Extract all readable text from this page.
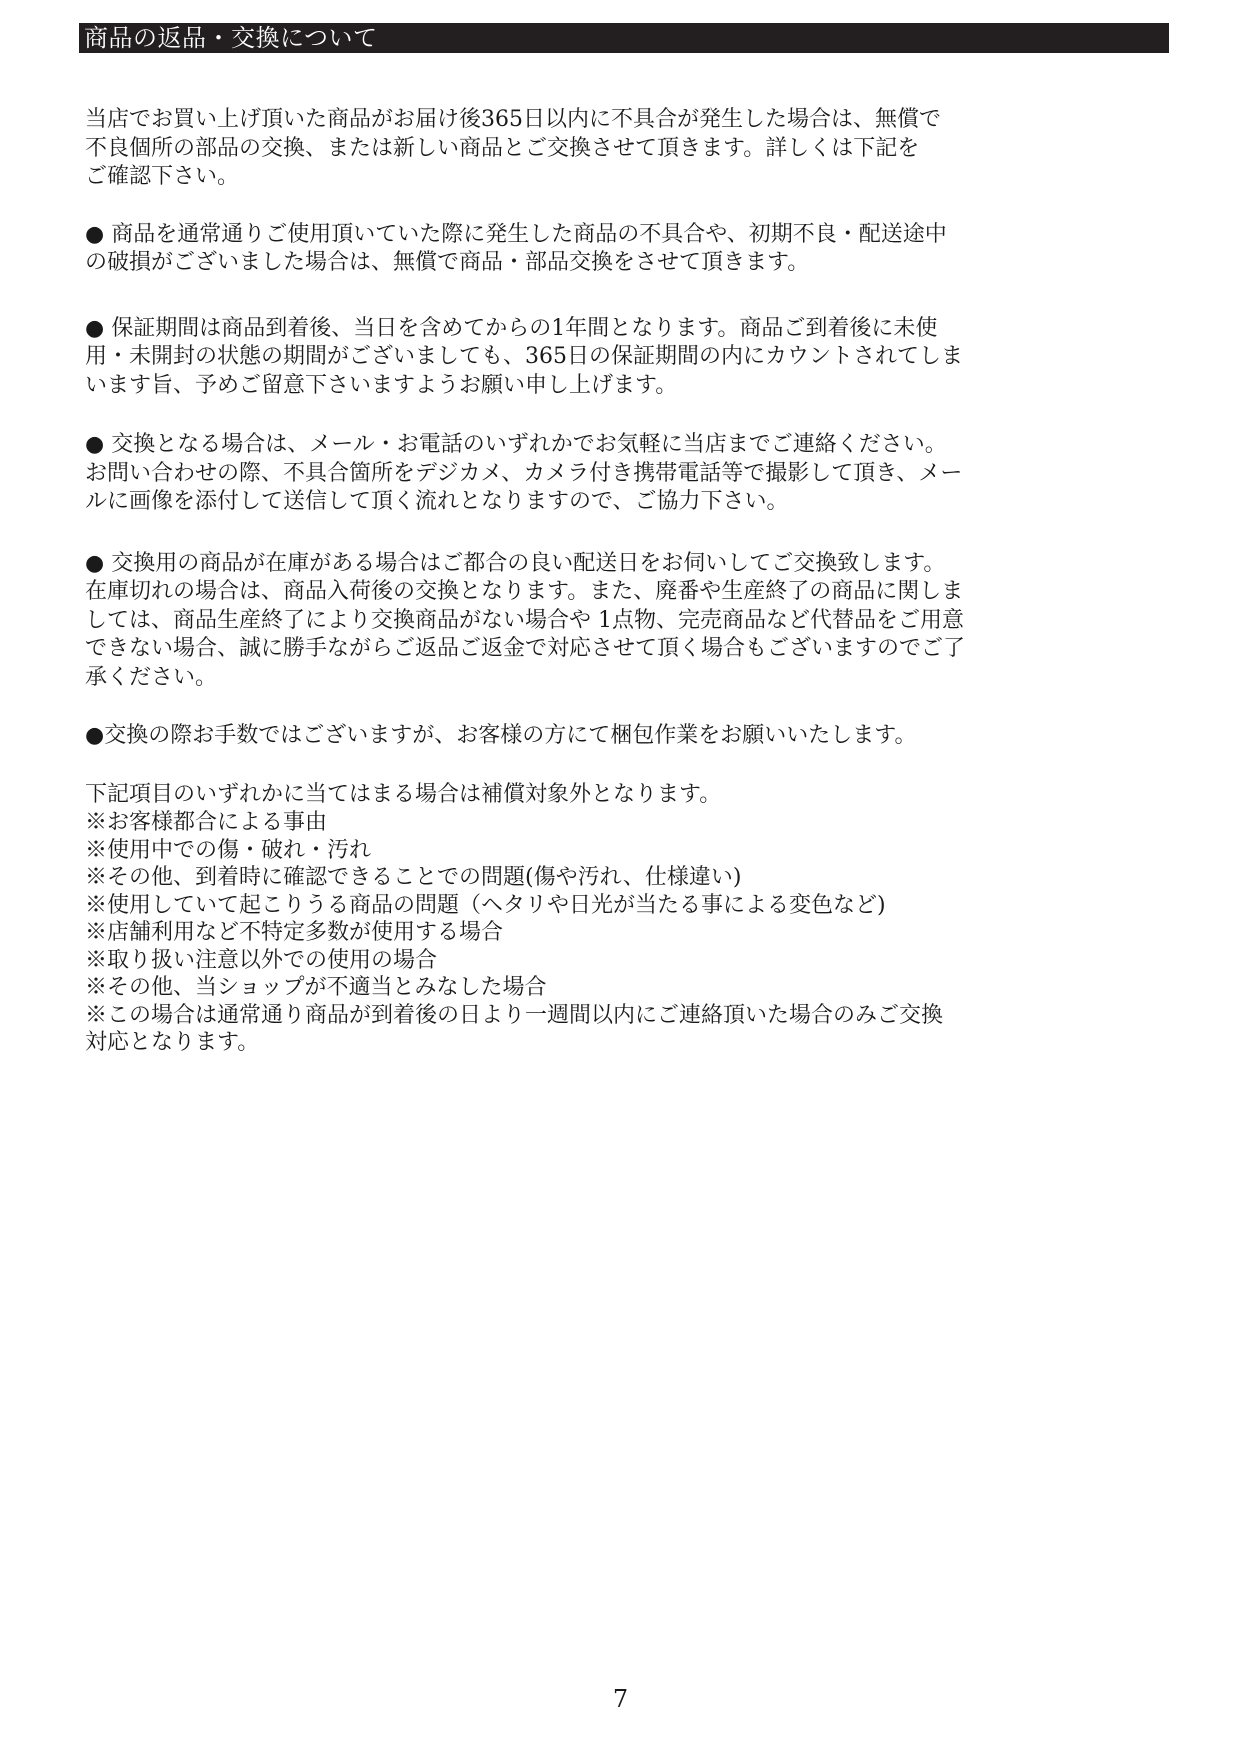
商品の返品・交換について

当店でお買い上げ頂いた商品がお届け後365日以内に不具合が発生した場合は、無償で
不良個所の部品の交換、または新しい商品とご交換させて頂きます。詳しくは下記を
ご確認下さい。

● 商品を通常通りご使用頂いていた際に発生した商品の不具合や、初期不良・配送途中
の破損がございました場合は、無償で商品・部品交換をさせて頂きます。

● 保証期間は商品到着後、当日を含めてからの1年間となります。商品ご到着後に未使
用・未開封の状態の期間がございましても、365日の保証期間の内にカウントされてしま
います旨、予めご留意下さいますようお願い申し上げます。

● 交換となる場合は、メール・お電話のいずれかでお気軽に当店までご連絡ください。
お問い合わせの際、不具合箇所をデジカメ、カメラ付き携帯電話等で撮影して頂き、メー
ルに画像を添付して送信して頂く流れとなりますので、ご協力下さい。

● 交換用の商品が在庫がある場合はご都合の良い配送日をお伺いしてご交換致します。
在庫切れの場合は、商品入荷後の交換となります。また、廃番や生産終了の商品に関しま
しては、商品生産終了により交換商品がない場合や 1点物、完売商品など代替品をご用意
できない場合、誠に勝手ながらご返品ご返金で対応させて頂く場合もございますのでご了
承ください。

●交換の際お手数ではございますが、お客様の方にて梱包作業をお願いいたします。

下記項目のいずれかに当てはまる場合は補償対象外となります。

※お客様都合による事由
※使用中での傷・破れ・汚れ
※その他、到着時に確認できることでの問題(傷や汚れ、仕様違い)
※使用していて起こりうる商品の問題（ヘタリや日光が当たる事による変色など)
※店舗利用など不特定多数が使用する場合
※取り扱い注意以外での使用の場合
※その他、当ショップが不適当とみなした場合
※この場合は通常通り商品が到着後の日より一週間以内にご連絡頂いた場合のみご交換
対応となります。
7
